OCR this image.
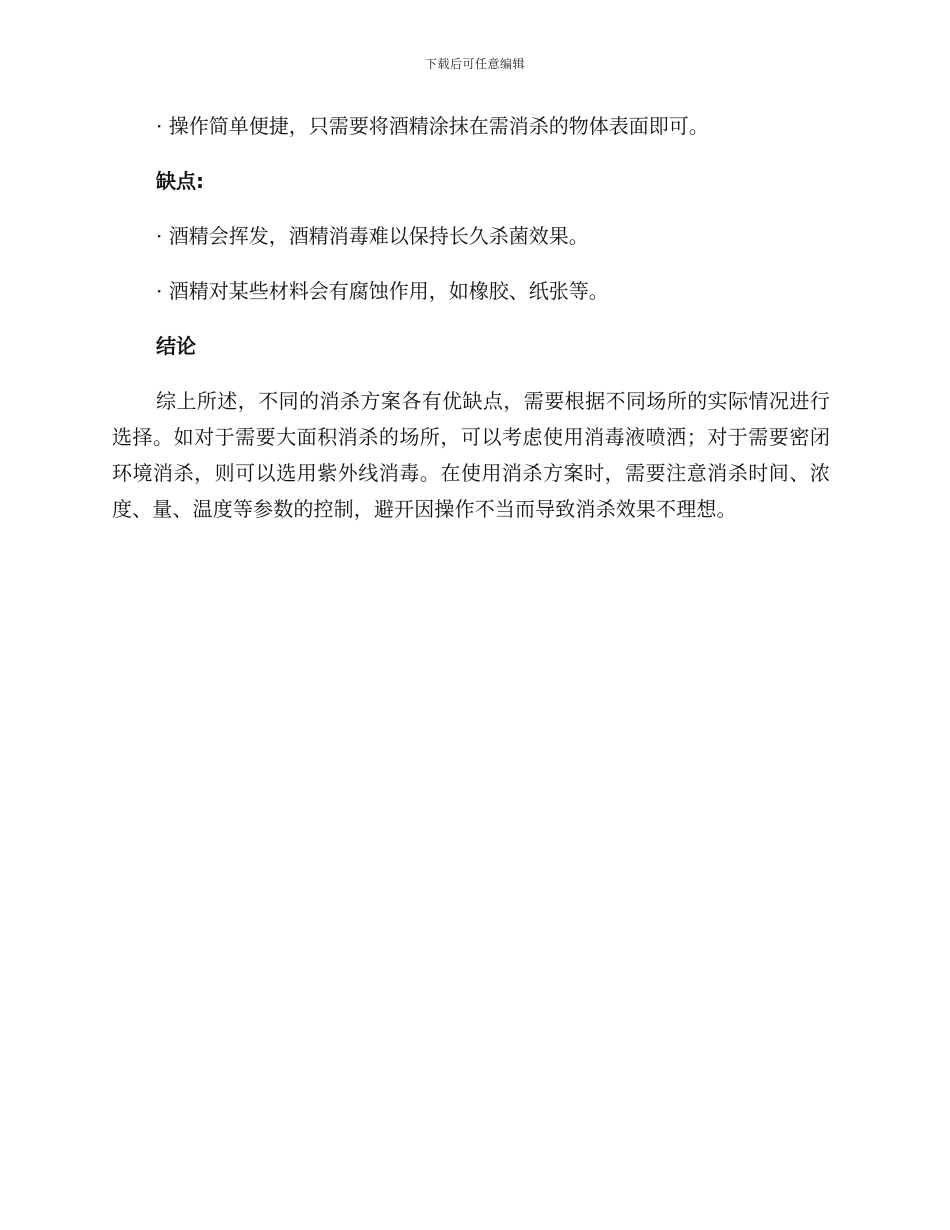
下载后可任意编辑

· 操作简单便捷，只需要将酒精涂抹在需消杀的物体表面即可。

缺点:

· 酒精会挥发，酒精消毒难以保持长久杀菌效果。

· 酒精对某些材料会有腐蚀作用，如橡胶、纸张等。

结论

综上所述，不同的消杀方案各有优缺点，需要根据不同场所的实际情况进行选择。如对于需要大面积消杀的场所，可以考虑使用消毒液喷洒；对于需要密闭环境消杀，则可以选用紫外线消毒。在使用消杀方案时，需要注意消杀时间、浓度、量、温度等参数的控制，避开因操作不当而导致消杀效果不理想。
